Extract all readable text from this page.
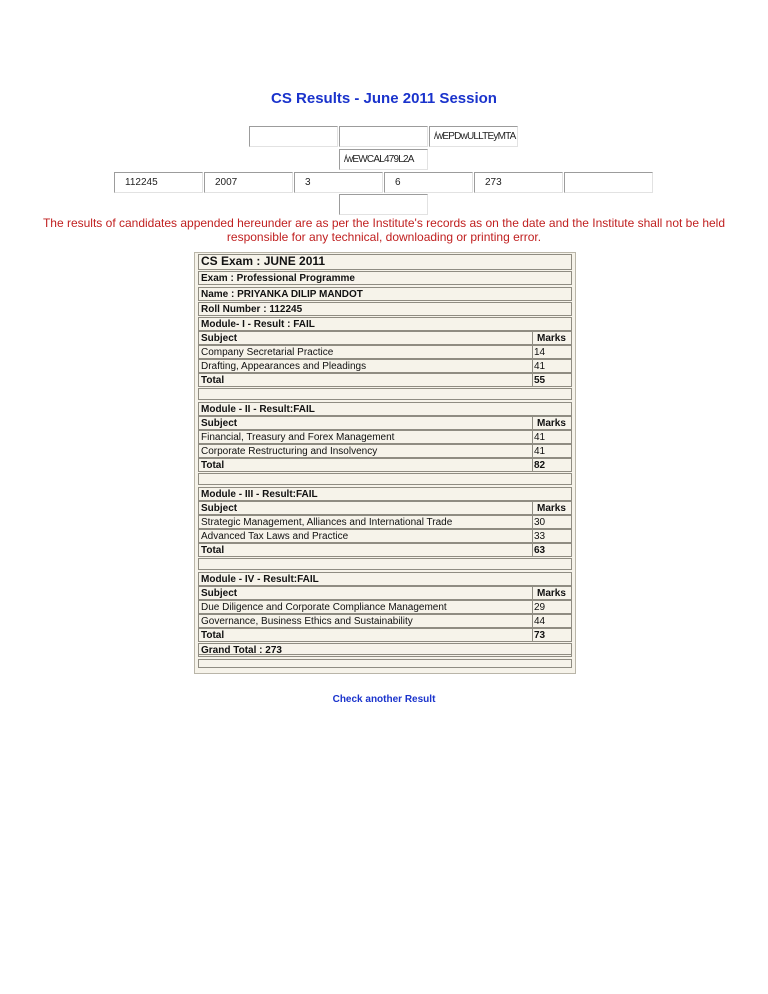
CS Results - June 2011 Session
/wEPDwULLTEyMTA
/wEWCAL479L2A
112245	2007	3	6	273
The results of candidates appended hereunder are as per the Institute's records as on the date and the Institute shall not be held responsible for any technical, downloading or printing error.
CS Exam : JUNE 2011
Exam : Professional Programme
Name : PRIYANKA DILIP MANDOT
Roll Number : 112245
Module- I - Result : FAIL
Subject	Marks
Company Secretarial Practice	14
Drafting, Appearances and Pleadings	41
Total	55
Module - II - Result:FAIL
Subject	Marks
Financial, Treasury and Forex Management	41
Corporate Restructuring and Insolvency	41
Total	82
Module - III - Result:FAIL
Subject	Marks
Strategic Management, Alliances and International Trade	30
Advanced Tax Laws and Practice	33
Total	63
Module - IV - Result:FAIL
Subject	Marks
Due Diligence and Corporate Compliance Management	29
Governance, Business Ethics and Sustainability	44
Total	73
Grand Total : 273
Check another Result
